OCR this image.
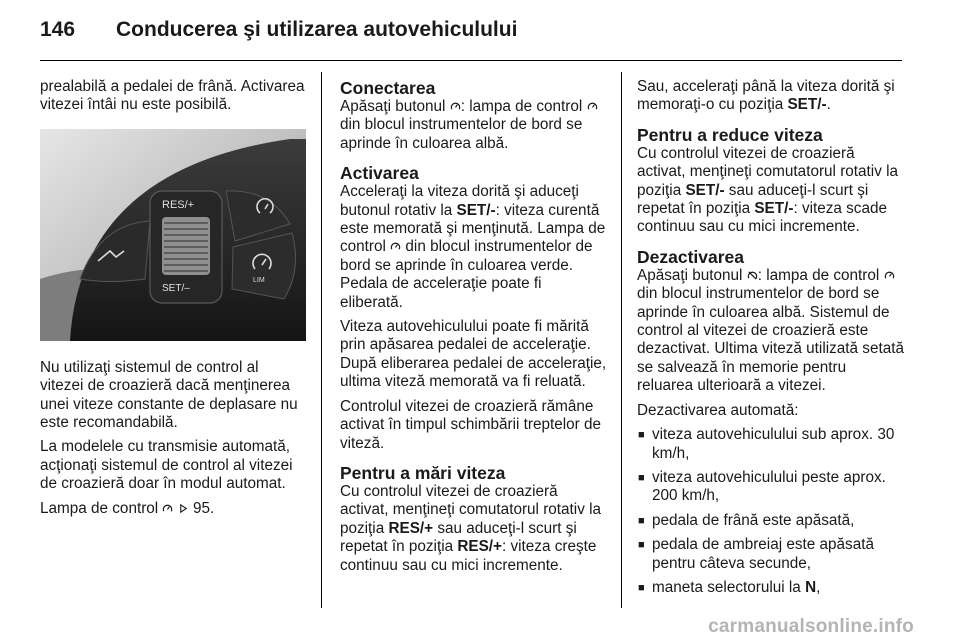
146 Conducerea şi utilizarea autovehiculului

prealabilă a pedalei de frână. Activarea vitezei întâi nu este posibilă.

RES/+
SET/–
LIM

Nu utilizaţi sistemul de control al vitezei de croazieră dacă menţinerea unei viteze constante de deplasare nu este recomandabilă.

La modelele cu transmisie automată, acţionaţi sistemul de control al vitezei de croazieră doar în modul automat.

Lampa de control   95.

Conectarea

Apăsaţi butonul : lampa de control  din blocul instrumentelor de bord se aprinde în culoarea albă.

Activarea

Acceleraţi la viteza dorită şi aduceţi butonul rotativ la SET/-: viteza curentă este memorată şi menţinută. Lampa de control  din blocul instrumentelor de bord se aprinde în culoarea verde. Pedala de acceleraţie poate fi eliberată.

Viteza autovehiculului poate fi mărită prin apăsarea pedalei de acceleraţie. După eliberarea pedalei de acceleraţie, ultima viteză memorată va fi reluată.

Controlul vitezei de croazieră rămâne activat în timpul schimbării treptelor de viteză.

Pentru a mări viteza

Cu controlul vitezei de croazieră activat, menţineţi comutatorul rotativ la poziţia RES/+ sau aduceţi-l scurt şi repetat în poziţia RES/+: viteza creşte continuu sau cu mici incremente.

Sau, acceleraţi până la viteza dorită şi memoraţi-o cu poziţia SET/-.

Pentru a reduce viteza

Cu controlul vitezei de croazieră activat, menţineţi comutatorul rotativ la poziţia SET/- sau aduceţi-l scurt şi repetat în poziţia SET/-: viteza scade continuu sau cu mici incremente.

Dezactivarea

Apăsaţi butonul : lampa de control  din blocul instrumentelor de bord se aprinde în culoarea albă. Sistemul de control al vitezei de croazieră este dezactivat. Ultima viteză utilizată setată se salvează în memorie pentru reluarea ulterioară a vitezei.

Dezactivarea automată:

■ viteza autovehiculului sub aprox. 30 km/h,
■ viteza autovehiculului peste aprox. 200 km/h,
■ pedala de frână este apăsată,
■ pedala de ambreiaj este apăsată pentru câteva secunde,
■ maneta selectorului la N,
carmanualsonline.info
